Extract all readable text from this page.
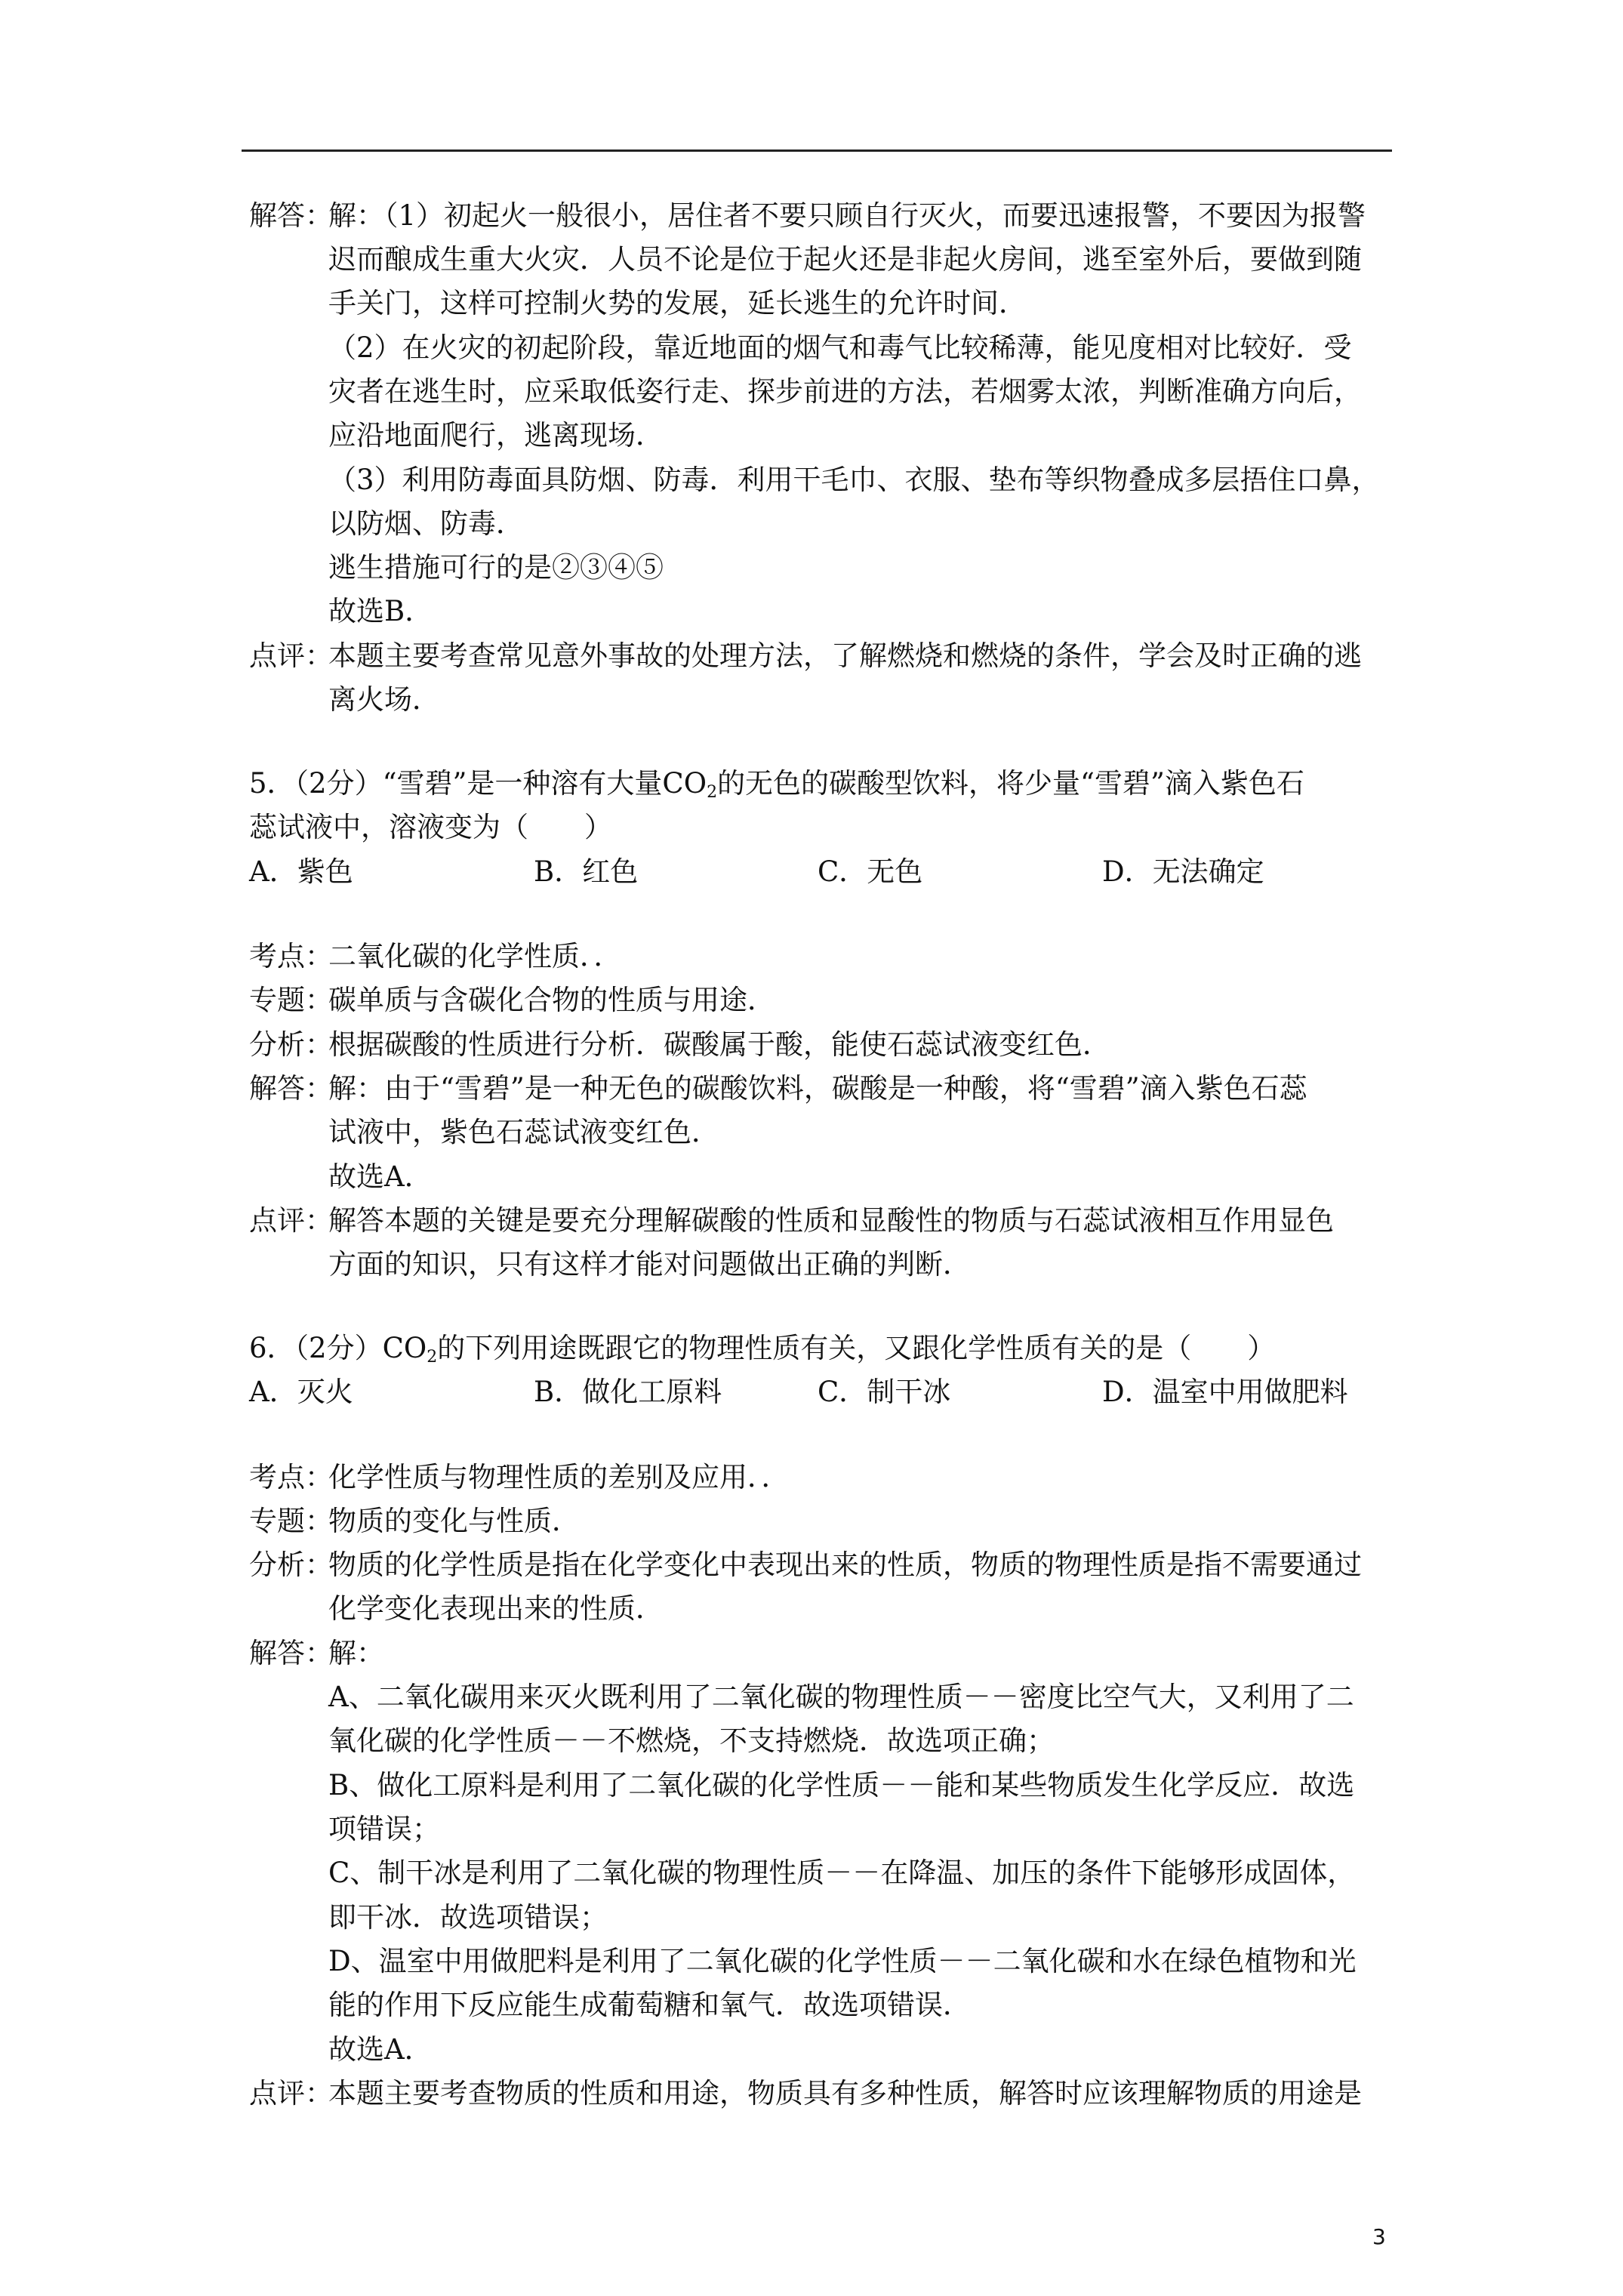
解答：
解：（1）初起火一般很小，居住者不要只顾自行灭火，而要迅速报警，不要因为报警
迟而酿成生重大火灾．人员不论是位于起火还是非起火房间，逃至室外后，要做到随
手关门，这样可控制火势的发展，延长逃生的允许时间．
（2）在火灾的初起阶段，靠近地面的烟气和毒气比较稀薄，能见度相对比较好．受
灾者在逃生时，应采取低姿行走、探步前进的方法，若烟雾太浓，判断准确方向后，
应沿地面爬行，逃离现场．
（3）利用防毒面具防烟、防毒．利用干毛巾、衣服、垫布等织物叠成多层捂住口鼻，
以防烟、防毒．
逃生措施可行的是②③④⑤
故选B．
点评：
本题主要考查常见意外事故的处理方法，了解燃烧和燃烧的条件，学会及时正确的逃
离火场．
5．（2分）“雪碧”是一种溶有大量$CO_2$的无色的碳酸型饮料，将少量“雪碧”滴入紫色石
蕊试液中，溶液变为（　　）
A．紫色	B．红色	C．无色	D．无法确定
考点：
二氧化碳的化学性质．．
专题：
碳单质与含碳化合物的性质与用途．
分析：
根据碳酸的性质进行分析．碳酸属于酸，能使石蕊试液变红色．
解答：
解：由于“雪碧”是一种无色的碳酸饮料，碳酸是一种酸，将“雪碧”滴入紫色石蕊
试液中，紫色石蕊试液变红色．
故选A．
点评：
解答本题的关键是要充分理解碳酸的性质和显酸性的物质与石蕊试液相互作用显色
方面的知识，只有这样才能对问题做出正确的判断．
6．（2分）$CO_2$的下列用途既跟它的物理性质有关，又跟化学性质有关的是（　　）
A．灭火	B．做化工原料	C．制干冰	D．温室中用做肥料
考点：
化学性质与物理性质的差别及应用．．
专题：
物质的变化与性质．
分析：
物质的化学性质是指在化学变化中表现出来的性质，物质的物理性质是指不需要通过
化学变化表现出来的性质．
解答：
解：
A、二氧化碳用来灭火既利用了二氧化碳的物理性质－－密度比空气大，又利用了二
氧化碳的化学性质－－不燃烧，不支持燃烧．故选项正确；
B、做化工原料是利用了二氧化碳的化学性质－－能和某些物质发生化学反应．故选
项错误；
C、制干冰是利用了二氧化碳的物理性质－－在降温、加压的条件下能够形成固体，
即干冰．故选项错误；
D、温室中用做肥料是利用了二氧化碳的化学性质－－二氧化碳和水在绿色植物和光
能的作用下反应能生成葡萄糖和氧气．故选项错误．
故选A．
点评：
本题主要考查物质的性质和用途，物质具有多种性质，解答时应该理解物质的用途是
3
